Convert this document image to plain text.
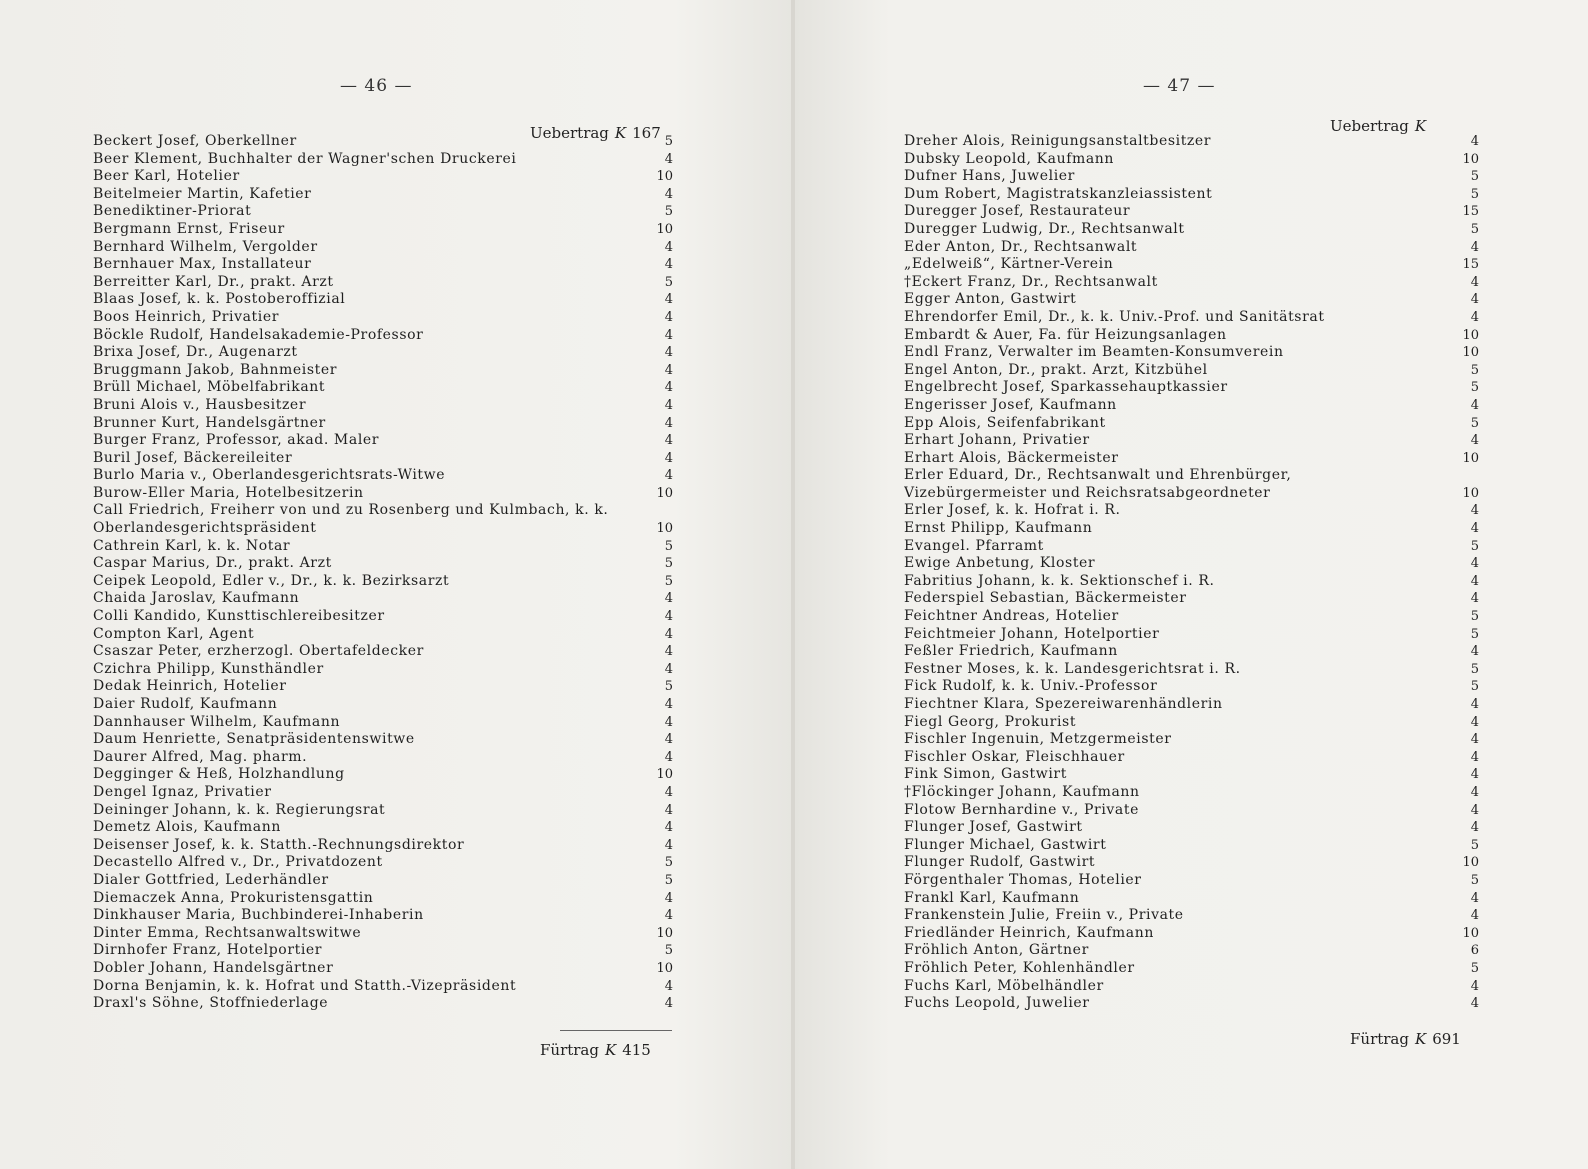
— 46 —
Uebertrag K 167
Beckert Josef, Oberkellner	5
Beer Klement, Buchhalter der Wagner'schen Druckerei	4
Beer Karl, Hotelier	10
Beitelmeier Martin, Kafetier	4
Benediktiner-Priorat	5
Bergmann Ernst, Friseur	10
Bernhard Wilhelm, Vergolder	4
Bernhauer Max, Installateur	4
Berreitter Karl, Dr., prakt. Arzt	5
Blaas Josef, k. k. Postoberoffizial	4
Boos Heinrich, Privatier	4
Böckle Rudolf, Handelsakademie-Professor	4
Brixa Josef, Dr., Augenarzt	4
Bruggmann Jakob, Bahnmeister	4
Brüll Michael, Möbelfabrikant	4
Bruni Alois v., Hausbesitzer	4
Brunner Kurt, Handelsgärtner	4
Burger Franz, Professor, akad. Maler	4
Buril Josef, Bäckereileiter	4
Burlo Maria v., Oberlandesgerichtsrats-Witwe	4
Burow-Eller Maria, Hotelbesitzerin	10
Call Friedrich, Freiherr von und zu Rosenberg und Kulmbach, k. k. Oberlandesgerichtspräsident	10
Cathrein Karl, k. k. Notar	5
Caspar Marius, Dr., prakt. Arzt	5
Ceipek Leopold, Edler v., Dr., k. k. Bezirksarzt	5
Chaida Jaroslav, Kaufmann	4
Colli Kandido, Kunsttischlereibesitzer	4
Compton Karl, Agent	4
Csaszar Peter, erzherzogl. Obertafeldecker	4
Czichra Philipp, Kunsthändler	4
Dedak Heinrich, Hotelier	5
Daier Rudolf, Kaufmann	4
Dannhauser Wilhelm, Kaufmann	4
Daum Henriette, Senatpräsidentenswitwe	4
Daurer Alfred, Mag. pharm.	4
Degginger & Heß, Holzhandlung	10
Dengel Ignaz, Privatier	4
Deininger Johann, k. k. Regierungsrat	4
Demetz Alois, Kaufmann	4
Deisenser Josef, k. k. Statth.-Rechnungsdirektor	4
Decastello Alfred v., Dr., Privatdozent	5
Dialer Gottfried, Lederhändler	5
Diemaczek Anna, Prokuristensgattin	4
Dinkhauser Maria, Buchbinderei-Inhaberin	4
Dinter Emma, Rechtsanwaltswitwe	10
Dirnhofer Franz, Hotelportier	5
Dobler Johann, Handelsgärtner	10
Dorna Benjamin, k. k. Hofrat und Statth.-Vizepräsident	4
Draxl's Söhne, Stoffniederlage	4
Fürtrag K 415
— 47 —
Uebertrag K
Dreher Alois, Reinigungsanstaltbesitzer	4
Dubsky Leopold, Kaufmann	10
Dufner Hans, Juwelier	5
Dum Robert, Magistratskanzleiassistent	5
Duregger Josef, Restaurateur	15
Duregger Ludwig, Dr., Rechtsanwalt	5
Eder Anton, Dr., Rechtsanwalt	4
„Edelweiß“, Kärtner-Verein	15
†Eckert Franz, Dr., Rechtsanwalt	4
Egger Anton, Gastwirt	4
Ehrendorfer Emil, Dr., k. k. Univ.-Prof. und Sanitätsrat	4
Embardt & Auer, Fa. für Heizungsanlagen	10
Endl Franz, Verwalter im Beamten-Konsumverein	10
Engel Anton, Dr., prakt. Arzt, Kitzbühel	5
Engelbrecht Josef, Sparkassehauptkassier	5
Engerisser Josef, Kaufmann	4
Epp Alois, Seifenfabrikant	5
Erhart Johann, Privatier	4
Erhart Alois, Bäckermeister	10
Erler Eduard, Dr., Rechtsanwalt und Ehrenbürger, Vizebürgermeister und Reichsratsabgeordneter	10
Erler Josef, k. k. Hofrat i. R.	4
Ernst Philipp, Kaufmann	4
Evangel. Pfarramt	5
Ewige Anbetung, Kloster	4
Fabritius Johann, k. k. Sektionschef i. R.	4
Federspiel Sebastian, Bäckermeister	4
Feichtner Andreas, Hotelier	5
Feichtmeier Johann, Hotelportier	5
Feßler Friedrich, Kaufmann	4
Festner Moses, k. k. Landesgerichtsrat i. R.	5
Fick Rudolf, k. k. Univ.-Professor	5
Fiechtner Klara, Spezereiwarenhändlerin	4
Fiegl Georg, Prokurist	4
Fischler Ingenuin, Metzgermeister	4
Fischler Oskar, Fleischhauer	4
Fink Simon, Gastwirt	4
†Flöckinger Johann, Kaufmann	4
Flotow Bernhardine v., Private	4
Flunger Josef, Gastwirt	4
Flunger Michael, Gastwirt	5
Flunger Rudolf, Gastwirt	10
Förgenthaler Thomas, Hotelier	5
Frankl Karl, Kaufmann	4
Frankenstein Julie, Freiin v., Private	4
Friedländer Heinrich, Kaufmann	10
Fröhlich Anton, Gärtner	6
Fröhlich Peter, Kohlenhändler	5
Fuchs Karl, Möbelhändler	4
Fuchs Leopold, Juwelier	4
Fürtrag K 691
